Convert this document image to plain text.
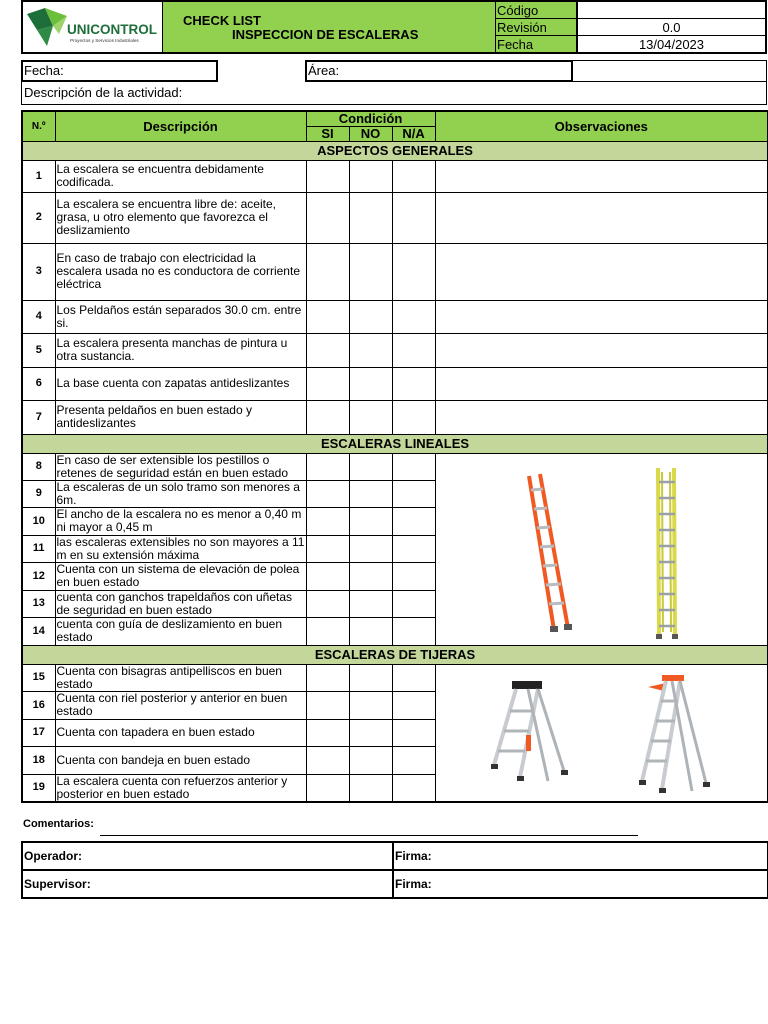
UNICONTROL
Proyectos y Servicios Industriales
CHECK LIST
INSPECCION DE ESCALERAS
Código	
Revisión	0.0
Fecha	13/04/2023
Fecha:	Área:
Descripción de la actividad:
N.º	Descripción	Condición			Observaciones
		SI	NO	N/A	
ASPECTOS GENERALES					
1	La escalera se encuentra debidamente codificada.				
2	La escalera se encuentra libre de: aceite, grasa, u otro elemento que favorezca el deslizamiento				
3	En caso de trabajo con electricidad la escalera usada no es conductora de corriente eléctrica				
4	Los Peldaños están separados 30.0 cm. entre si.				
5	La escalera presenta manchas de pintura u otra sustancia.				
6	La base cuenta con zapatas antideslizantes				
7	Presenta peldaños en buen estado y antideslizantes				
ESCALERAS LINEALES					
8	En caso de ser extensible los pestillos o retenes de seguridad están en buen estado				

9	La escaleras de un solo tramo son menores a 6m.				
10	El ancho de la escalera no es menor a 0,40 m ni mayor a 0,45 m				
11	las escaleras extensibles no son mayores a 11 m en su extensión máxima				
12	Cuenta con un sistema de elevación de polea en buen estado				
13	cuenta con ganchos trapeldaños con uñetas de seguridad en buen estado				
14	cuenta con guía de deslizamiento en buen estado				
ESCALERAS DE TIJERAS					
15	Cuenta con bisagras antipelliscos en buen estado				

16	Cuenta con riel posterior y anterior en buen estado				
17	Cuenta con tapadera en buen estado				
18	Cuenta con bandeja en buen estado				
19	La escalera cuenta con refuerzos anterior y posterior en buen estado				
Comentarios:
Operador:	Firma:
Supervisor:	Firma:
